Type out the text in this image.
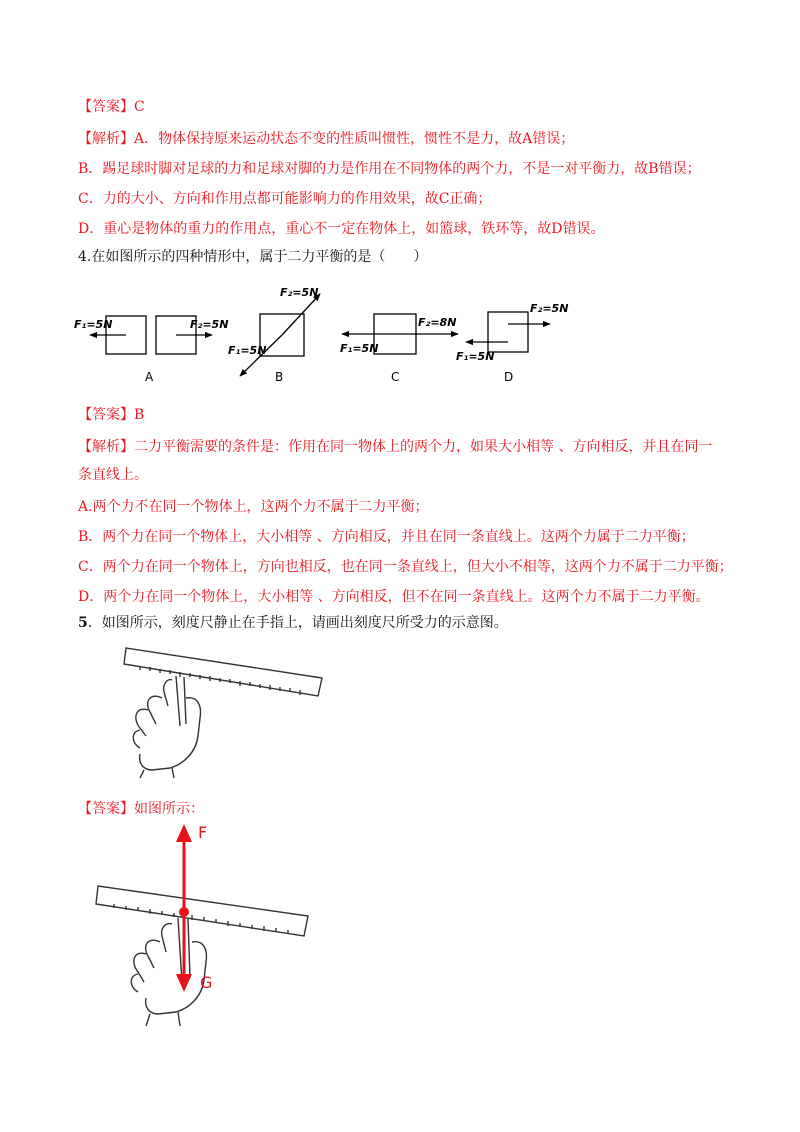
【答案】C
【解析】A．物体保持原来运动状态不变的性质叫惯性，惯性不是力，故A错误；
B．踢足球时脚对足球的力和足球对脚的力是作用在不同物体的两个力，不是一对平衡力，故B错误；
C．力的大小、方向和作用点都可能影响力的作用效果，故C正确；
D．重心是物体的重力的作用点，重心不一定在物体上，如篮球，铁环等，故D错误。
4.在如图所示的四种情形中，属于二力平衡的是（　　）
F₁=5N	F₂=5N
A
F₂=5N
F₁=5N
B
F₁=5N
F₂=8N
C
F₂=5N
F₁=5N
D
【答案】B
【解析】二力平衡需要的条件是：作用在同一物体上的两个力，如果大小相等 、方向相反，并且在同一
条直线上。
A.两个力不在同一个物体上，这两个力不属于二力平衡；
B．两个力在同一个物体上，大小相等 、方向相反，并且在同一条直线上。这两个力属于二力平衡；
C．两个力在同一个物体上，方向也相反，也在同一条直线上，但大小不相等，这两个力不属于二力平衡；
D．两个力在同一个物体上，大小相等 、方向相反，但不在同一条直线上。这两个力不属于二力平衡。
5．如图所示，刻度尺静止在手指上，请画出刻度尺所受力的示意图。
【答案】如图所示：
F
G
